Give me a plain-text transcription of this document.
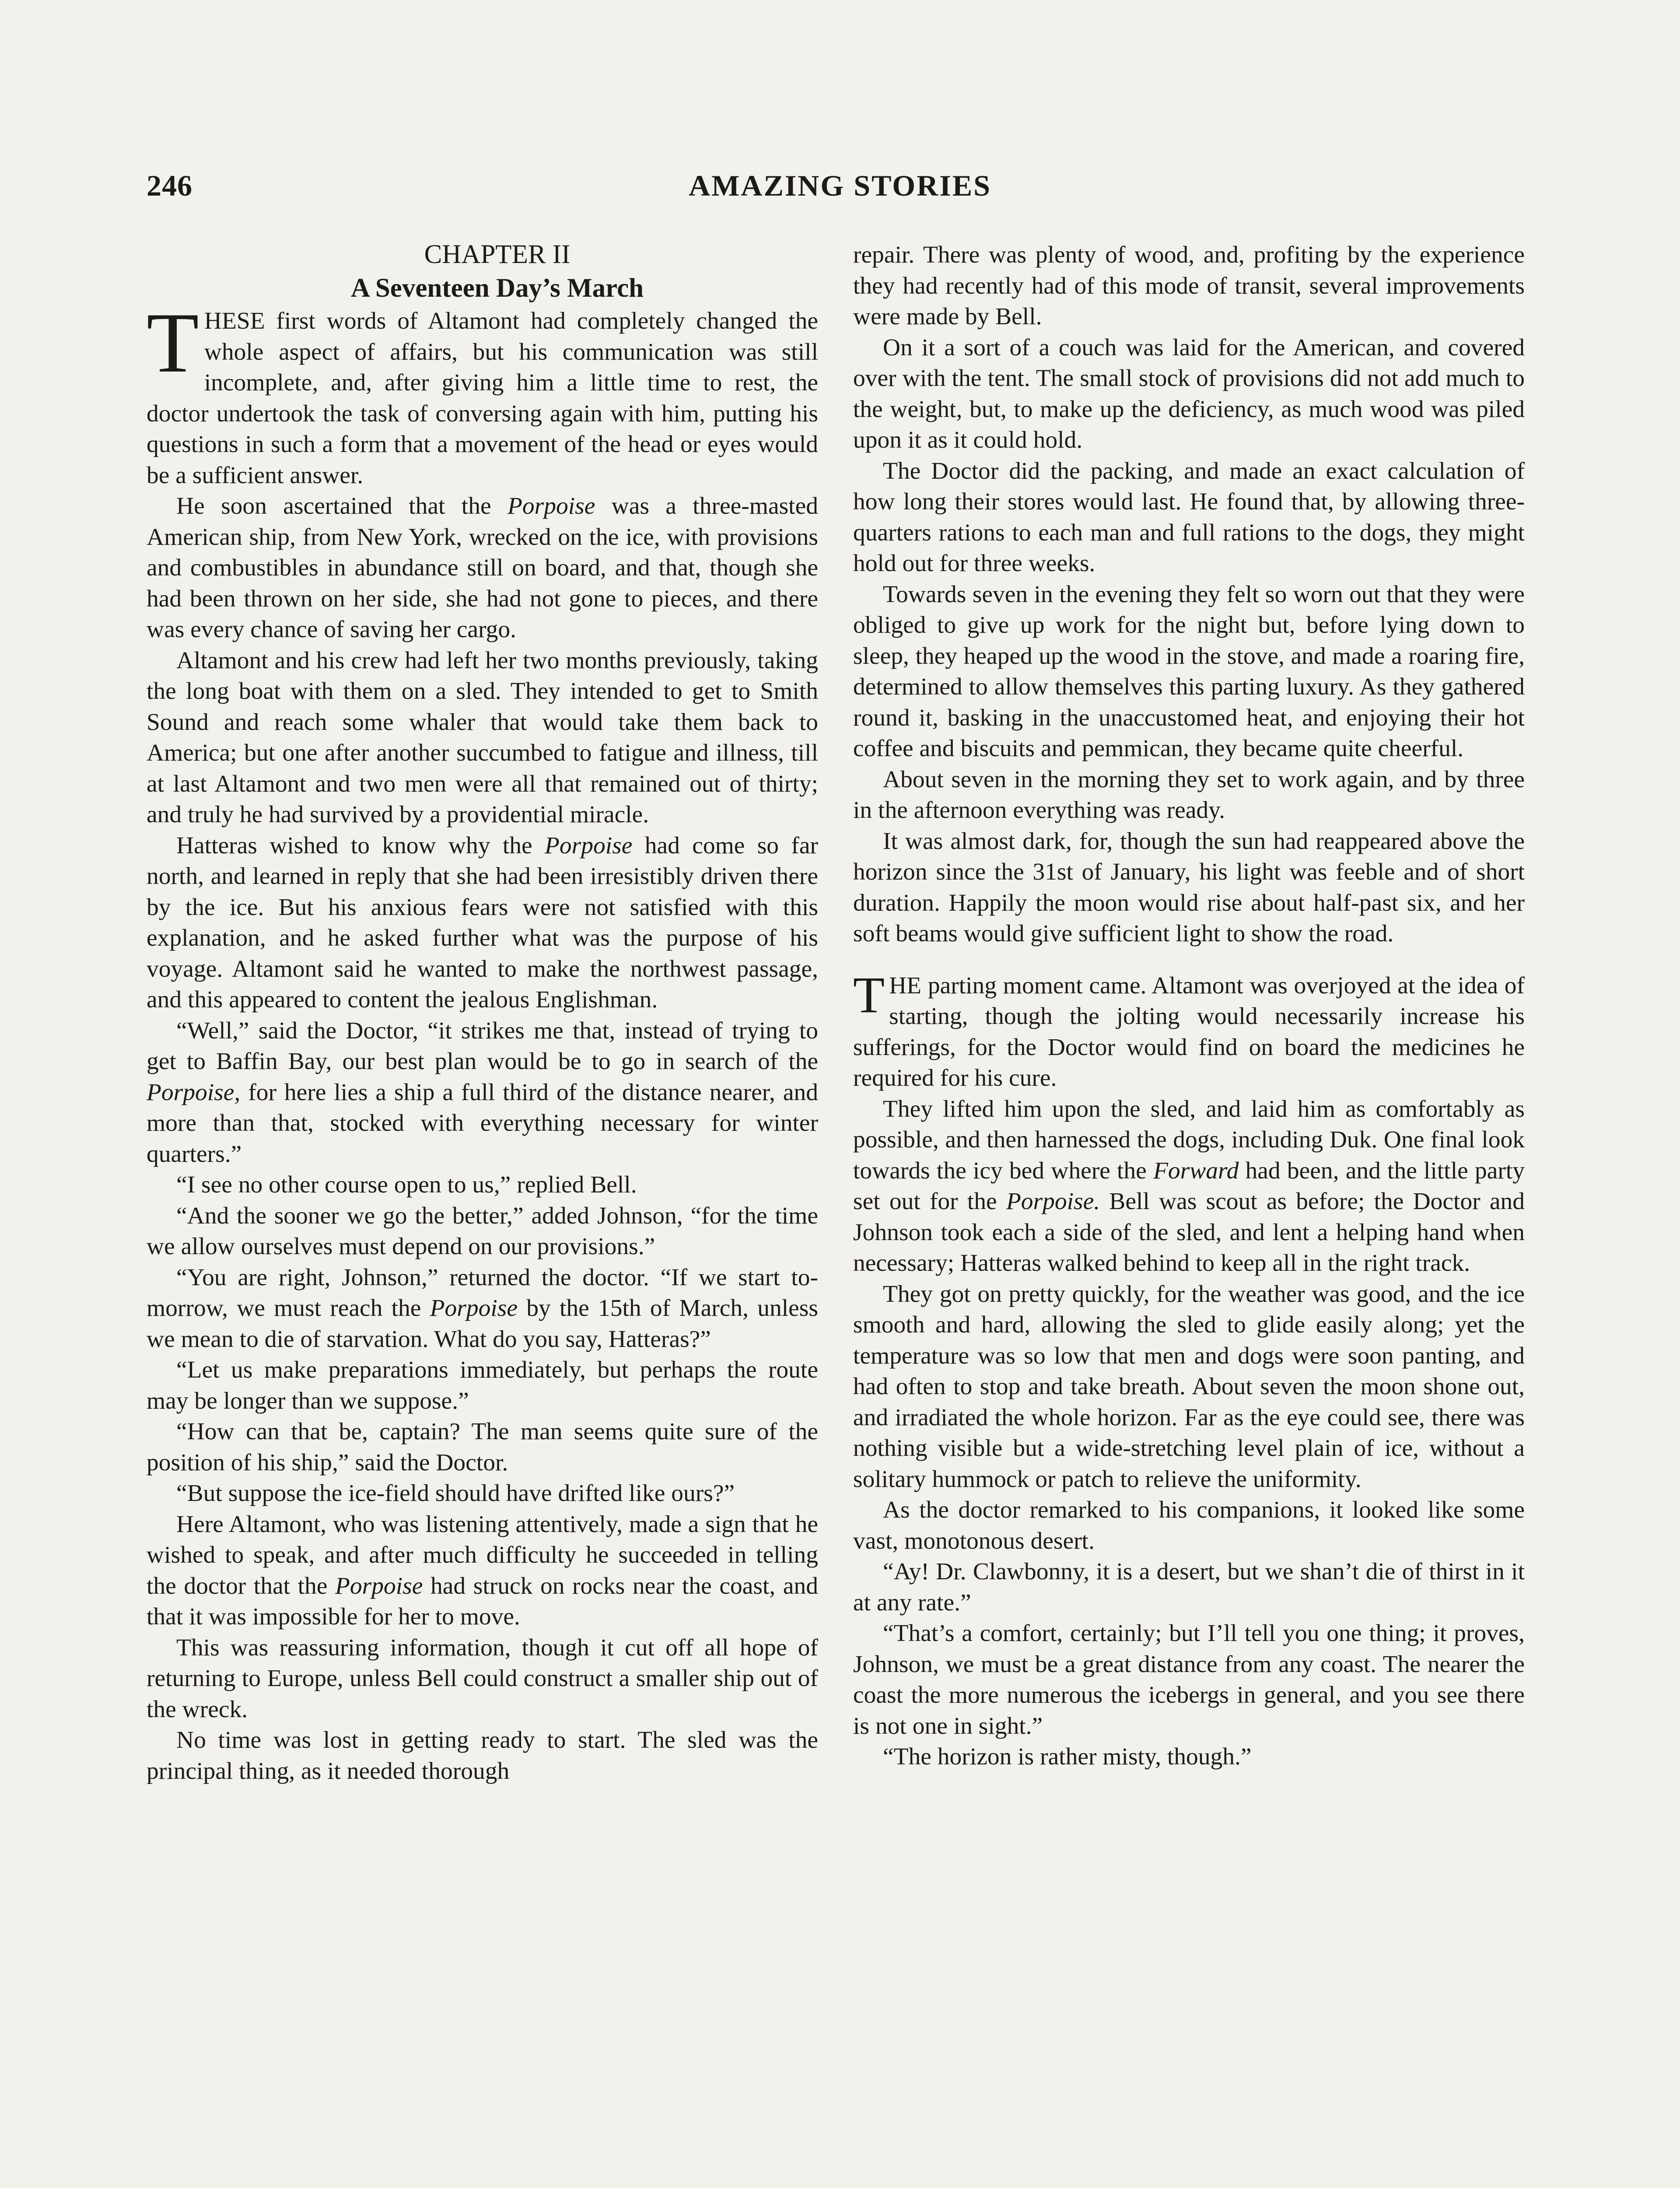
246	AMAZING STORIES

CHAPTER II

A Seventeen Day’s March

THESE first words of Altamont had completely changed the whole aspect of affairs, but his communication was still incomplete, and, after giving him a little time to rest, the doctor undertook the task of conversing again with him, putting his questions in such a form that a movement of the head or eyes would be a sufficient answer.

He soon ascertained that the Porpoise was a three-masted American ship, from New York, wrecked on the ice, with provisions and combustibles in abundance still on board, and that, though she had been thrown on her side, she had not gone to pieces, and there was every chance of saving her cargo.

Altamont and his crew had left her two months previously, taking the long boat with them on a sled. They intended to get to Smith Sound and reach some whaler that would take them back to America; but one after another succumbed to fatigue and illness, till at last Altamont and two men were all that remained out of thirty; and truly he had survived by a providential miracle.

Hatteras wished to know why the Porpoise had come so far north, and learned in reply that she had been irresistibly driven there by the ice. But his anxious fears were not satisfied with this explanation, and he asked further what was the purpose of his voyage. Altamont said he wanted to make the northwest passage, and this appeared to content the jealous Englishman.

“Well,” said the Doctor, “it strikes me that, instead of trying to get to Baffin Bay, our best plan would be to go in search of the Porpoise, for here lies a ship a full third of the distance nearer, and more than that, stocked with everything necessary for winter quarters.”

“I see no other course open to us,” replied Bell.

“And the sooner we go the better,” added Johnson, “for the time we allow ourselves must depend on our provisions.”

“You are right, Johnson,” returned the doctor. “If we start to-morrow, we must reach the Porpoise by the 15th of March, unless we mean to die of starvation. What do you say, Hatteras?”

“Let us make preparations immediately, but perhaps the route may be longer than we suppose.”

“How can that be, captain? The man seems quite sure of the position of his ship,” said the Doctor.

“But suppose the ice-field should have drifted like ours?”

Here Altamont, who was listening attentively, made a sign that he wished to speak, and after much difficulty he succeeded in telling the doctor that the Porpoise had struck on rocks near the coast, and that it was impossible for her to move.

This was reassuring information, though it cut off all hope of returning to Europe, unless Bell could construct a smaller ship out of the wreck.

No time was lost in getting ready to start. The sled was the principal thing, as it needed thorough

repair. There was plenty of wood, and, profiting by the experience they had recently had of this mode of transit, several improvements were made by Bell.

On it a sort of a couch was laid for the American, and covered over with the tent. The small stock of provisions did not add much to the weight, but, to make up the deficiency, as much wood was piled upon it as it could hold.

The Doctor did the packing, and made an exact calculation of how long their stores would last. He found that, by allowing three-quarters rations to each man and full rations to the dogs, they might hold out for three weeks.

Towards seven in the evening they felt so worn out that they were obliged to give up work for the night but, before lying down to sleep, they heaped up the wood in the stove, and made a roaring fire, determined to allow themselves this parting luxury. As they gathered round it, basking in the unaccustomed heat, and enjoying their hot coffee and biscuits and pemmican, they became quite cheerful.

About seven in the morning they set to work again, and by three in the afternoon everything was ready.

It was almost dark, for, though the sun had reappeared above the horizon since the 31st of January, his light was feeble and of short duration. Happily the moon would rise about half-past six, and her soft beams would give sufficient light to show the road.

THE parting moment came. Altamont was overjoyed at the idea of starting, though the jolting would necessarily increase his sufferings, for the Doctor would find on board the medicines he required for his cure.

They lifted him upon the sled, and laid him as comfortably as possible, and then harnessed the dogs, including Duk. One final look towards the icy bed where the Forward had been, and the little party set out for the Porpoise. Bell was scout as before; the Doctor and Johnson took each a side of the sled, and lent a helping hand when necessary; Hatteras walked behind to keep all in the right track.

They got on pretty quickly, for the weather was good, and the ice smooth and hard, allowing the sled to glide easily along; yet the temperature was so low that men and dogs were soon panting, and had often to stop and take breath. About seven the moon shone out, and irradiated the whole horizon. Far as the eye could see, there was nothing visible but a wide-stretching level plain of ice, without a solitary hummock or patch to relieve the uniformity.

As the doctor remarked to his companions, it looked like some vast, monotonous desert.

“Ay! Dr. Clawbonny, it is a desert, but we shan’t die of thirst in it at any rate.”

“That’s a comfort, certainly; but I’ll tell you one thing; it proves, Johnson, we must be a great distance from any coast. The nearer the coast the more numerous the icebergs in general, and you see there is not one in sight.”

“The horizon is rather misty, though.”
